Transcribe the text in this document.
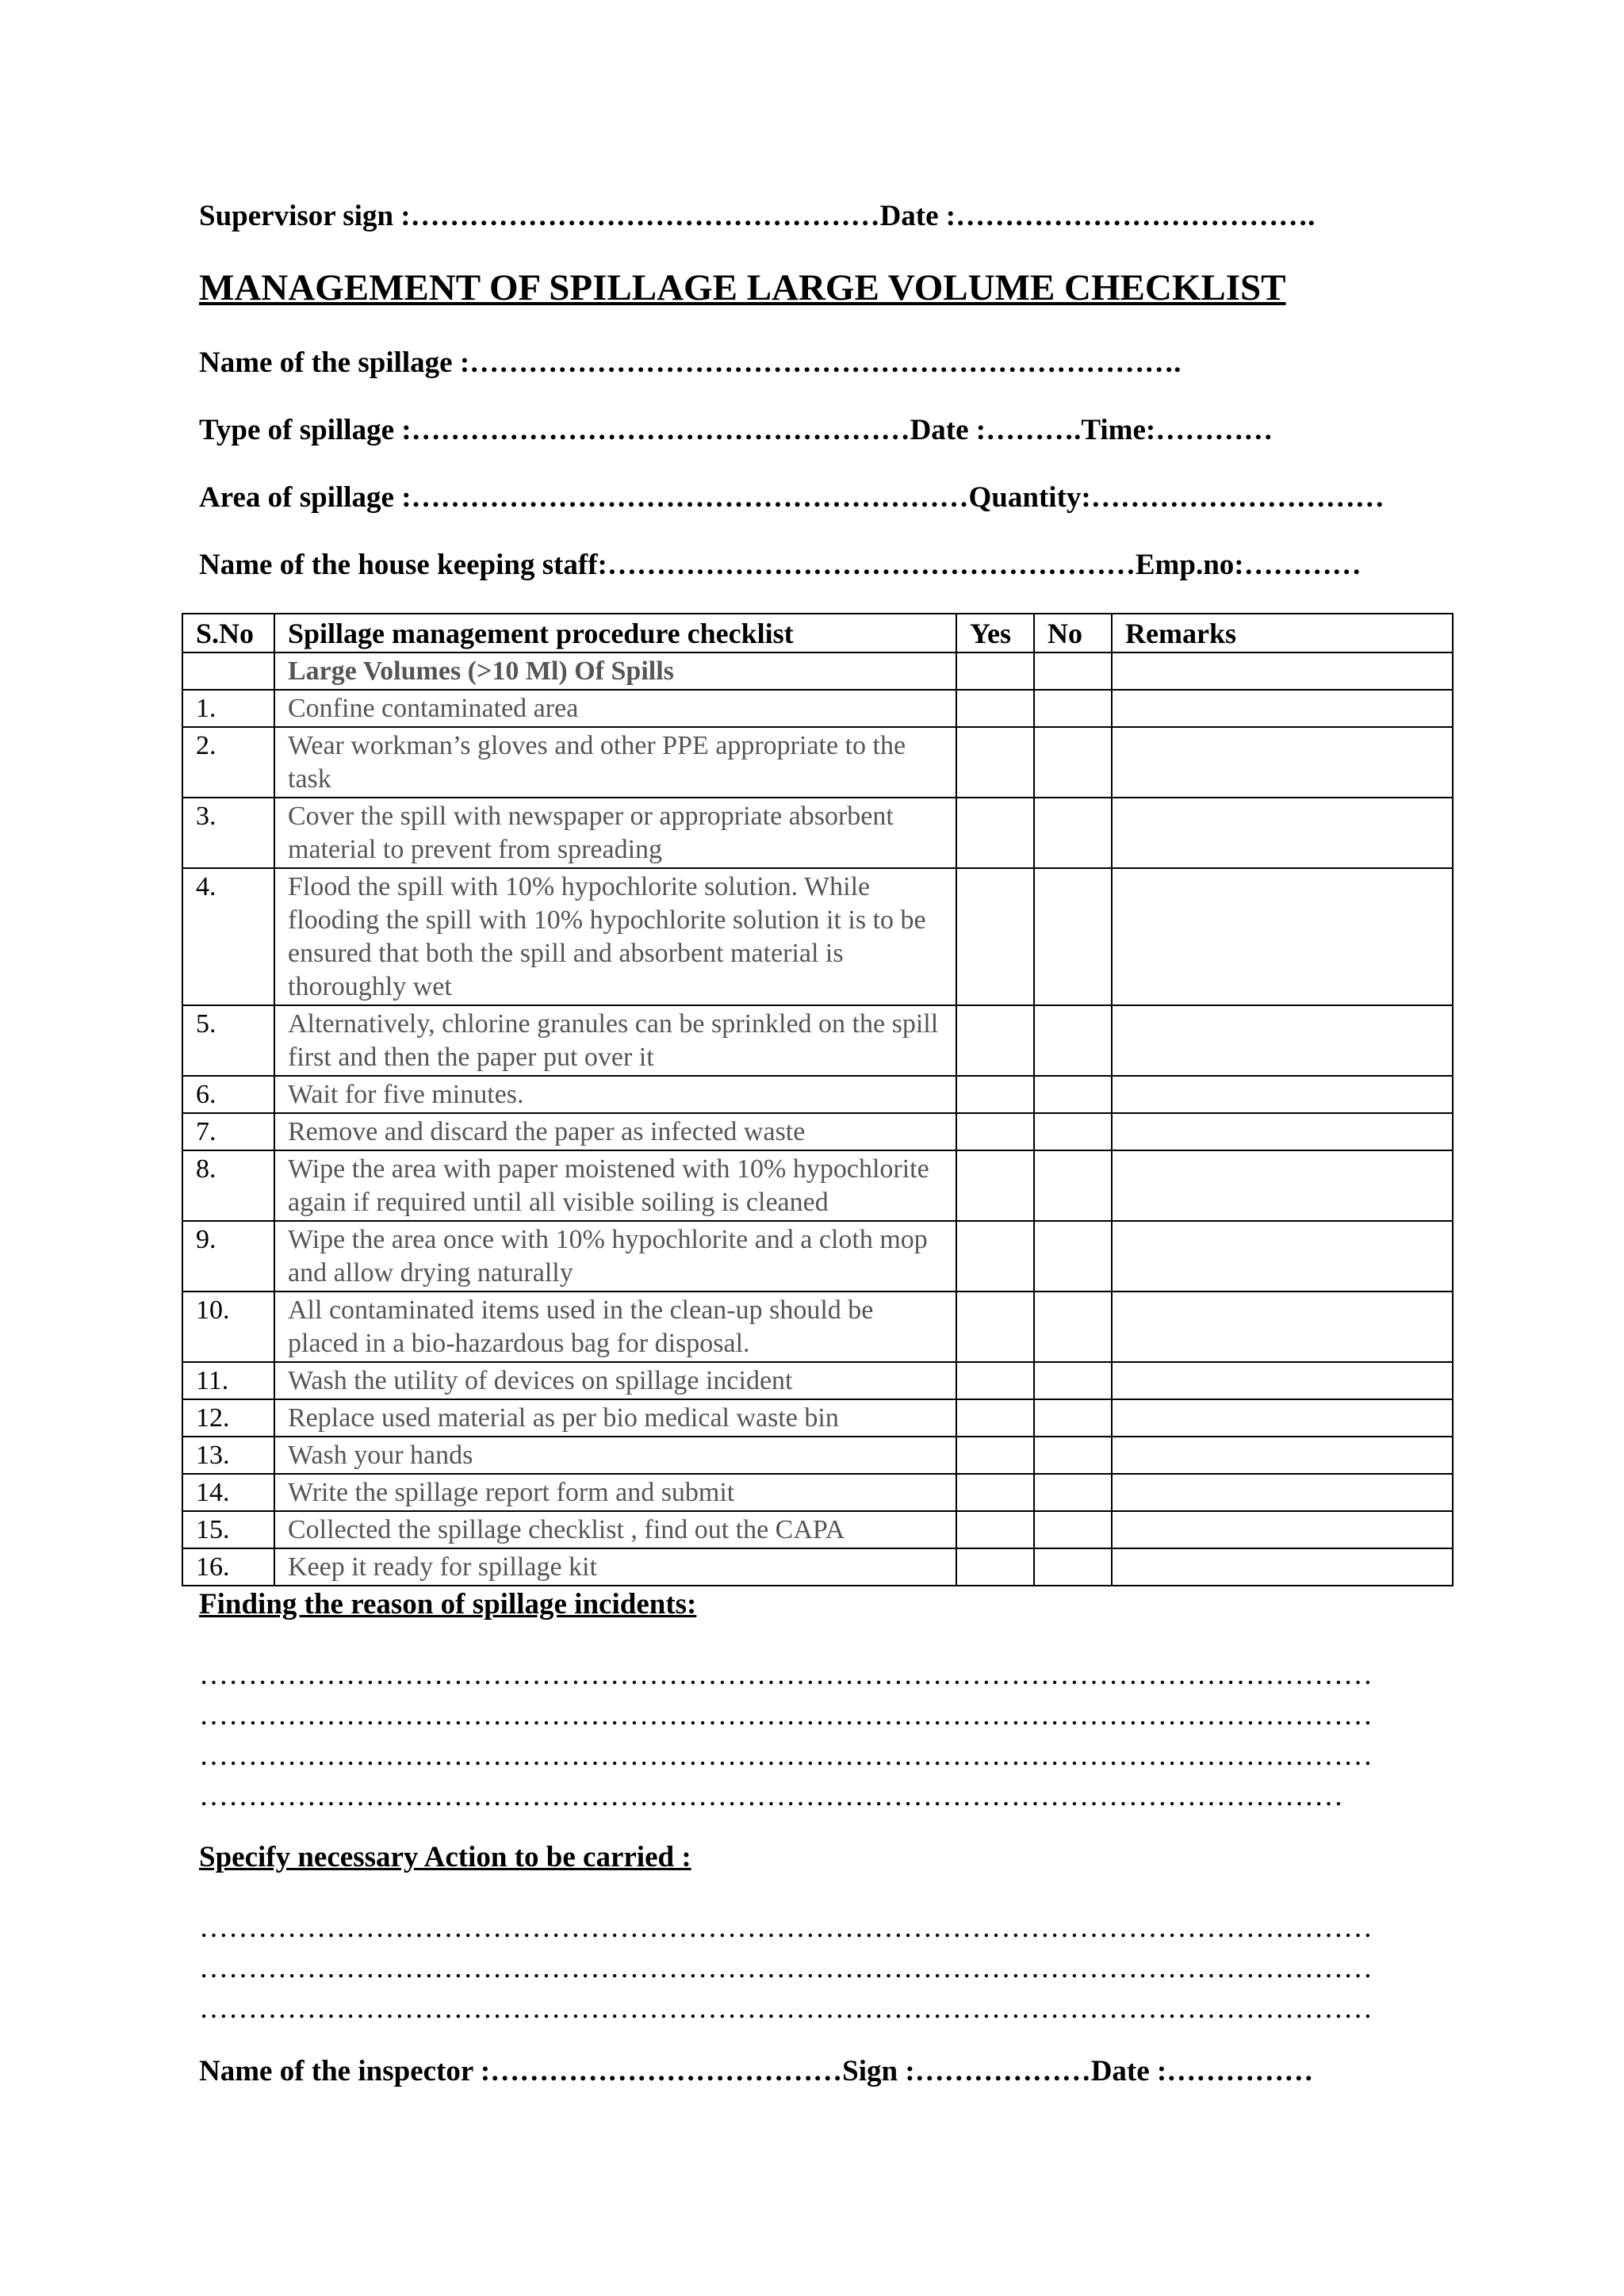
Supervisor sign :…………………………………………Date :……………………………….
MANAGEMENT OF SPILLAGE LARGE VOLUME CHECKLIST
Name of the spillage :……………………………………………………………….
Type of spillage :……………………………………………Date :……….Time:…………
Area of spillage :…………………………………………………Quantity:…………………………
Name of the house keeping staff:………………………………………………Emp.no:…………
S.No	Spillage management procedure checklist	Yes	No	Remarks
	Large Volumes (>10 Ml) Of Spills			
1.	Confine contaminated area			
2.	Wear workman’s gloves and other PPE appropriate to the task			
3.	Cover the spill with newspaper or appropriate absorbent material to prevent from spreading			
4.	Flood the spill with 10% hypochlorite solution. While flooding the spill with 10% hypochlorite solution it is to be ensured that both the spill and absorbent material is thoroughly wet			
5.	Alternatively, chlorine granules can be sprinkled on the spill first and then the paper put over it			
6.	Wait for five minutes.			
7.	Remove and discard the paper as infected waste			
8.	Wipe the area with paper moistened with 10% hypochlorite again if required until all visible soiling is cleaned			
9.	Wipe the area once with 10% hypochlorite and a cloth mop and allow drying naturally			
10.	All contaminated items used in the clean-up should be placed in a bio-hazardous bag for disposal.			
11.	Wash the utility of devices on spillage incident			
12.	Replace used material as per bio medical waste bin			
13.	Wash your hands			
14.	Write the spillage report form and submit			
15.	Collected the spillage checklist , find out the CAPA			
16.	Keep it ready for spillage kit			
Finding the reason of spillage incidents:
…………………………………………………………………………………………………………
…………………………………………………………………………………………………………
…………………………………………………………………………………………………………
………………………………………………………………………………………………………
Specify necessary Action to be carried :
…………………………………………………………………………………………………………
…………………………………………………………………………………………………………
…………………………………………………………………………………………………………
Name of the inspector :………………………………Sign :………………Date :……………
